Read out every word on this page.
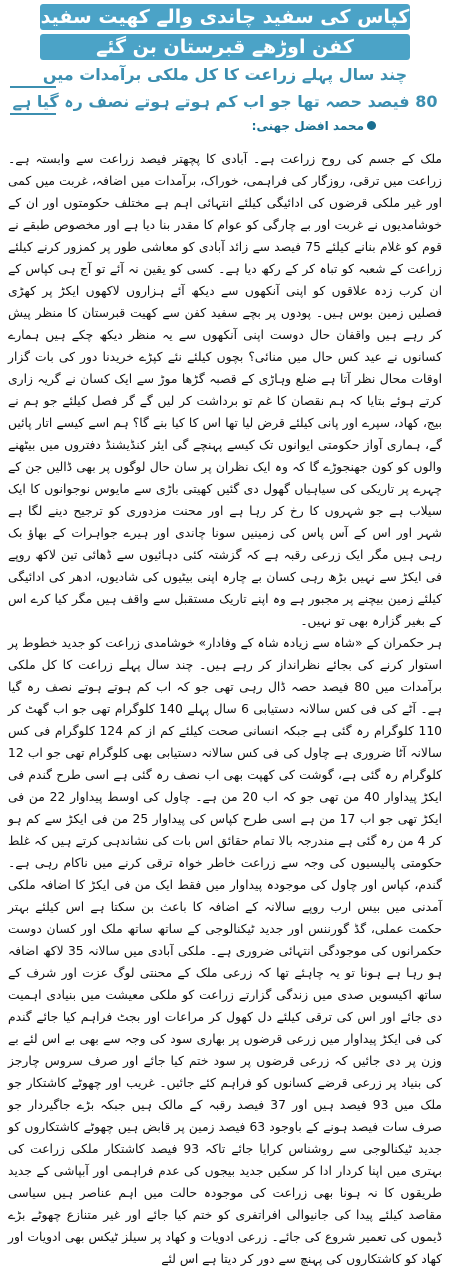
کپاس کی سفید چاندی والے کھیت سفید
کفن اوڑھے قبرستان بن گئے
چند سال پہلے زراعت کا کل ملکی برآمدات میں
80 فیصد حصہ تھا جو اب کم ہوتے ہوتے نصف رہ گیا ہے
محمد افضل جھنی:

ملک کے جسم کی روح زراعت ہے۔ آبادی کا پچھتر فیصد زراعت سے وابستہ ہے۔ زراعت میں ترقی، روزگار کی فراہمی، خوراک، برآمدات میں اضافہ، غربت میں کمی اور غیر ملکی قرضوں کی ادائیگی کیلئے انتہائی اہم ہے مختلف حکومتوں اور ان کے خوشامدیوں نے غربت اور بے چارگی کو عوام کا مقدر بنا دیا ہے اور مخصوص طبقے نے قوم کو غلام بنانے کیلئے 75 فیصد سے زائد آبادی کو معاشی طور پر کمزور کرنے کیلئے زراعت کے شعبہ کو تباہ کر کے رکھ دیا ہے۔ کسی کو یقین نہ آئے تو آج ہی کپاس کے ان کرب زدہ علاقوں کو اپنی آنکھوں سے دیکھ آئے ہزاروں لاکھوں ایکڑ پر کھڑی فصلیں زمین بوس ہیں۔ پودوں پر بچے سفید کفن سے کھیت قبرستان کا منظر پیش کر رہے ہیں واقفان حال دوست اپنی آنکھوں سے یہ منظر دیکھ چکے ہیں ہمارے کسانوں نے عید کس حال میں منائی؟ بچوں کیلئے نئے کپڑے خریدنا دور کی بات گزار اوقات محال نظر آتا ہے ضلع وہاڑی کے قصبہ گڑھا موڑ سے ایک کسان نے گریہ زاری کرتے ہوئے بتایا کہ ہم نقصان کا غم تو برداشت کر لیں گے گر فصل کیلئے جو ہم نے بیج، کھاد، سپرے اور پانی کیلئے قرض لیا تھا اس کا کیا بنے گا؟ ہم اسے کیسے اتار پائیں گے، ہماری آواز حکومتی ایوانوں تک کیسے پہنچے گی ایئر کنڈیشنڈ دفتروں میں بیٹھنے والوں کو کون جھنجوڑے گا کہ وہ ایک نظران پر سان حال لوگوں پر بھی ڈالیں جن کے چہرے پر تاریکی کی سیاہیاں گھول دی گئیں کھیتی باڑی سے مایوس نوجوانوں کا ایک سیلاب ہے جو شہروں کا رخ کر رہا ہے اور محنت مزدوری کو ترجیح دینے لگا ہے شہر اور اس کے آس پاس کی زمینیں سونا چاندی اور ہیرے جواہرات کے بھاؤ بک رہی ہیں مگر ایک زرعی رقبہ ہے کہ گزشتہ کئی دہائیوں سے ڈھائی تین لاکھ روپے فی ایکڑ سے نہیں بڑھ رہی کسان بے چارہ اپنی بیٹیوں کی شادیوں، ادھر کی ادائیگی کیلئے زمین بیچنے پر مجبور ہے وہ اپنے تاریک مستقبل سے واقف ہیں مگر کیا کرے اس کے بغیر گزارہ بھی تو نہیں۔

ہر حکمران کے «شاہ سے زیادہ شاہ کے وفادار» خوشامدی زراعت کو جدید خطوط پر استوار کرنے کی بجائے نظرانداز کر رہے ہیں۔ چند سال پہلے زراعت کا کل ملکی برآمدات میں 80 فیصد حصہ ڈال رہی تھی جو کہ اب کم ہوتے ہوتے نصف رہ گیا ہے۔ آٹے کی فی کس سالانہ دستیابی 6 سال پہلے 140 کلوگرام تھی جو اب گھٹ کر 110 کلوگرام رہ گئی ہے جبکہ انسانی صحت کیلئے کم از کم 124 کلوگرام فی کس سالانہ آٹا ضروری ہے چاول کی فی کس سالانہ دستیابی بھی کلوگرام تھی جو اب 12 کلوگرام رہ گئی ہے، گوشت کی کھپت بھی اب نصف رہ گئی ہے اسی طرح گندم فی ایکڑ پیداوار 40 من تھی جو کہ اب 20 من ہے۔ چاول کی اوسط پیداوار 22 من فی ایکڑ تھی جو اب 17 من ہے اسی طرح کپاس کی پیداوار 25 من فی ایکڑ سے کم ہو کر 4 من رہ گئی ہے مندرجہ بالا تمام حقائق اس بات کی نشاندہی کرتے ہیں کہ غلط حکومتی پالیسیوں کی وجہ سے زراعت خاطر خواہ ترقی کرنے میں ناکام رہی ہے۔ گندم، کپاس اور چاول کی موجودہ پیداوار میں فقط ایک من فی ایکڑ کا اضافہ ملکی آمدنی میں بیس ارب روپے سالانہ کے اضافہ کا باعث بن سکتا ہے اس کیلئے بہتر حکمت عملی، گڈ گورننس اور جدید ٹیکنالوجی کے ساتھ ساتھ ملک اور کسان دوست حکمرانوں کی موجودگی انتہائی ضروری ہے۔ ملکی آبادی میں سالانہ 35 لاکھ اضافہ ہو رہا ہے ہونا تو یہ چاہئے تھا کہ زرعی ملک کے محنتی لوگ عزت اور شرف کے ساتھ اکیسویں صدی میں زندگی گزارتے زراعت کو ملکی معیشت میں بنیادی اہمیت دی جائے اور اس کی ترقی کیلئے دل کھول کر مراعات اور بجٹ فراہم کیا جائے گندم کی فی ایکڑ پیداوار میں زرعی قرضوں پر بھاری سود کی وجہ سے بھی بے اس لئے بے وزن پر دی جائیں کہ زرعی قرضوں پر سود ختم کیا جائے اور صرف سروس چارجز کی بنیاد پر زرعی قرضے کسانوں کو فراہم کئے جائیں۔ غریب اور چھوٹے کاشتکار جو ملک میں 93 فیصد ہیں اور 37 فیصد رقبہ کے مالک ہیں جبکہ بڑے جاگیردار جو صرف سات فیصد ہونے کے باوجود 63 فیصد زمین پر قابض ہیں چھوٹے کاشتکاروں کو جدید ٹیکنالوجی سے روشناس کرایا جائے تاکہ 93 فیصد کاشتکار ملکی زراعت کی بہتری میں اپنا کردار ادا کر سکیں جدید بیجوں کی عدم فراہمی اور آبپاشی کے جدید طریقوں کا نہ ہونا بھی زراعت کی موجودہ حالت میں اہم عناصر ہیں سیاسی مقاصد کیلئے پیدا کی جانیوالی افراتفری کو ختم کیا جائے اور غیر متنازع چھوٹے بڑے ڈیموں کی تعمیر شروع کی جائے۔ زرعی ادویات و کھاد پر سیلز ٹیکس بھی ادویات اور کھاد کو کاشتکاروں کی پہنچ سے دور کر دیتا ہے اس لئے
